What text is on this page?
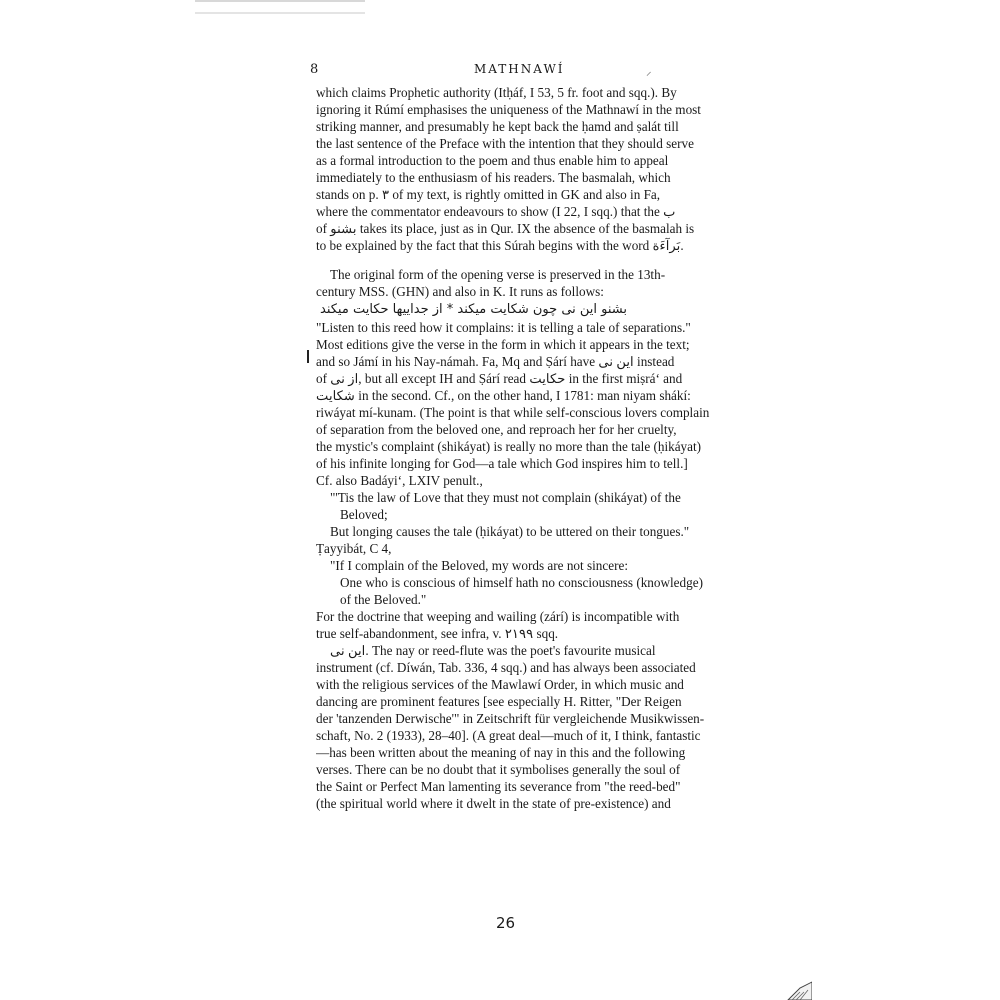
8	MATHNAWÍ	⸝
which claims Prophetic authority (Itḥáf, I 53, 5 fr. foot and sqq.). By
ignoring it Rúmí emphasises the uniqueness of the Mathnawí in the most
striking manner, and presumably he kept back the ḥamd and ṣalát till
the last sentence of the Preface with the intention that they should serve
as a formal introduction to the poem and thus enable him to appeal
immediately to the enthusiasm of his readers. The basmalah, which
stands on p. ٣ of my text, is rightly omitted in GK and also in Fa,
where the commentator endeavours to show (I 22, I sqq.) that the ب
of بشنو takes its place, just as in Qur. IX the absence of the basmalah is
to be explained by the fact that this Súrah begins with the word بَرآءَة.
The original form of the opening verse is preserved in the 13th-
century MSS. (GHN) and also in K. It runs as follows:
بشنو این نی چون شکایت میکند * از جداییها حکایت میکند
"Listen to this reed how it complains: it is telling a tale of separations."
Most editions give the verse in the form in which it appears in the text;
and so Jámí in his Nay-námah. Fa, Mq and Ṣárí have این نی instead
of از نی, but all except IH and Ṣárí read حکایت in the first miṣrá‘ and
شکایت in the second. Cf., on the other hand, I 1781: man niyam shákí:
riwáyat mí-kunam. (The point is that while self-conscious lovers complain
of separation from the beloved one, and reproach her for her cruelty,
the mystic's complaint (shikáyat) is really no more than the tale (ḥikáyat)
of his infinite longing for God—a tale which God inspires him to tell.]
Cf. also Badáyi‘, LXIV penult.,
"'Tis the law of Love that they must not complain (shikáyat) of the
Beloved;
But longing causes the tale (ḥikáyat) to be uttered on their tongues."
Ṭayyibát, C 4,
"If I complain of the Beloved, my words are not sincere:
One who is conscious of himself hath no consciousness (knowledge)
of the Beloved."
For the doctrine that weeping and wailing (zárí) is incompatible with
true self-abandonment, see infra, v. ٢١٩٩ sqq.
این نی. The nay or reed-flute was the poet's favourite musical
instrument (cf. Díwán, Tab. 336, 4 sqq.) and has always been associated
with the religious services of the Mawlawí Order, in which music and
dancing are prominent features [see especially H. Ritter, "Der Reigen
der 'tanzenden Derwische'" in Zeitschrift für vergleichende Musikwissen-
schaft, No. 2 (1933), 28–40]. (A great deal—much of it, I think, fantastic
—has been written about the meaning of nay in this and the following
verses. There can be no doubt that it symbolises generally the soul of
the Saint or Perfect Man lamenting its severance from "the reed-bed"
(the spiritual world where it dwelt in the state of pre-existence) and
26
